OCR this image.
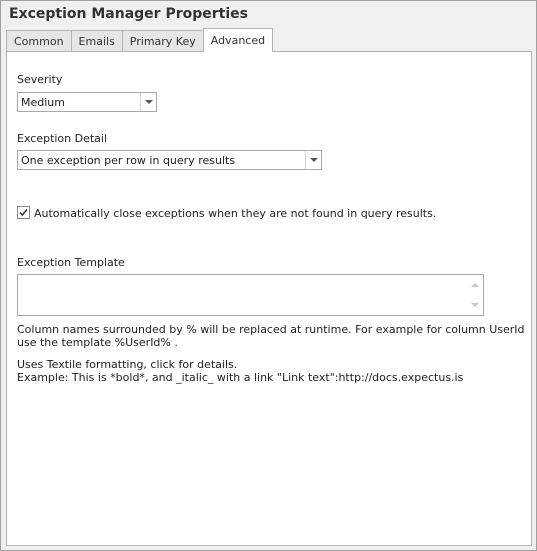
Exception Manager Properties
Common	Emails	Primary Key	Advanced
Severity
Medium
Exception Detail
One exception per row in query results
Automatically close exceptions when they are not found in query results.
Exception Template
Column names surrounded by % will be replaced at runtime. For example for column UserId
use the template %UserId% .
Uses Textile formatting, click for details.
Example: This is *bold*, and _italic_ with a link "Link text":http://docs.expectus.is
